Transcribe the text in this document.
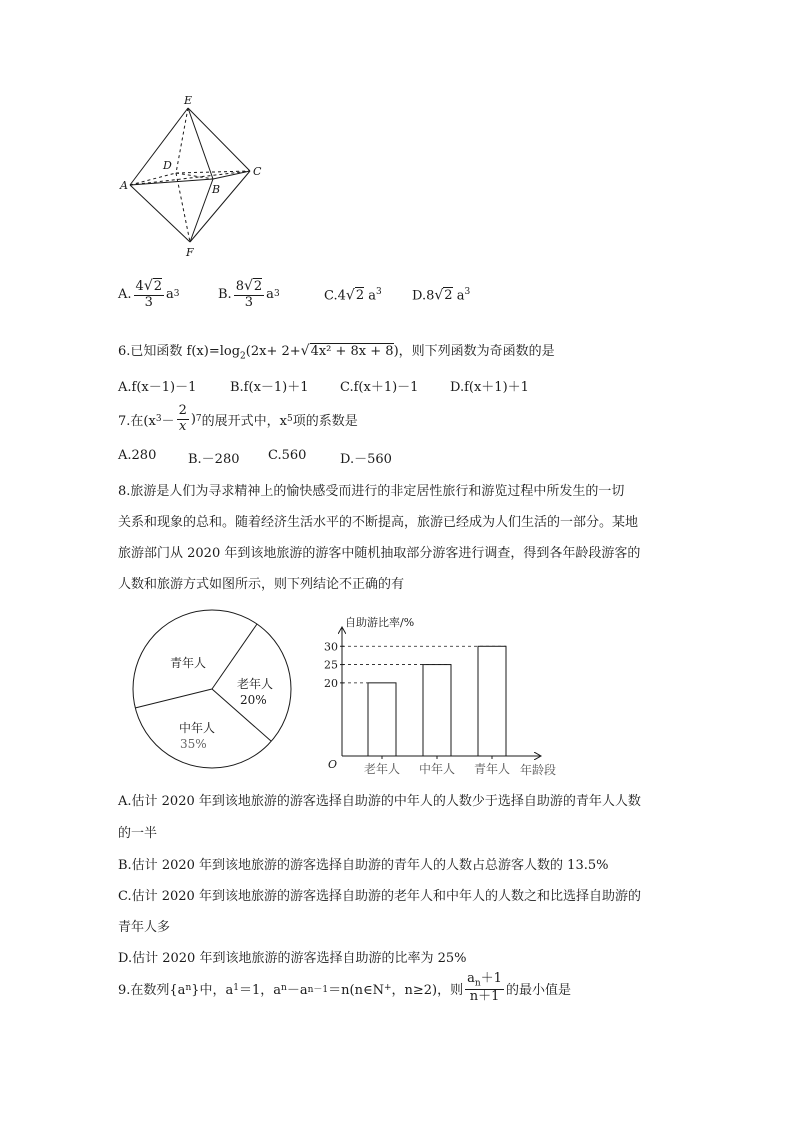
E
D
A	B
C
F
A. $\frac{4√2}{3}$ a 3	B. $\frac{8√2}{3}$ a 3	C.4√2 $a^3$ D.8√2 $a^3$
6.已知函数 $f(x)=\log_2(2x+ 2+√4x^2 + 8x + 8)$，则下列函数为奇函数的是
A.f(x－1)－1	B.f(x－1)＋1 C.f(x＋1)－1 D.f(x＋1)＋1
7.在(x $3 - \frac{2}{x}$ ) 7 的展开式中，x 5 项的系数是
A.280 B.－280 C.560	D.－560
8.旅游是人们为寻求精神上的愉快感受而进行的非定居性旅行和游览过程中所发生的一切
关系和现象的总和。随着经济生活水平的不断提高，旅游已经成为人们生活的一部分。某地
旅游部门从 2020 年到该地旅游的游客中随机抽取部分游客进行调查，得到各年龄段游客的
人数和旅游方式如图所示，则下列结论不正确的有
青年人
老年人
20%
中年人
35%
自助游比率/%
O	年龄段
20
25
30
老年人 中年人 青年人
A.估计 2020 年到该地旅游的游客选择自助游的中年人的人数少于选择自助游的青年人人数
的一半
B.估计 2020 年到该地旅游的游客选择自助游的青年人的人数占总游客人数的 13.5%
C.估计 2020 年到该地旅游的游客选择自助游的老年人和中年人的人数之和比选择自助游的
青年人多
D.估计 2020 年到该地旅游的游客选择自助游的比率为 25%
9.在数列{a n }中，a 1 ＝1，a n －a n－1 ＝n(n∈N + ，n≥2)，则 $\frac{a_n+1}{n+1}$ 的最小值是
